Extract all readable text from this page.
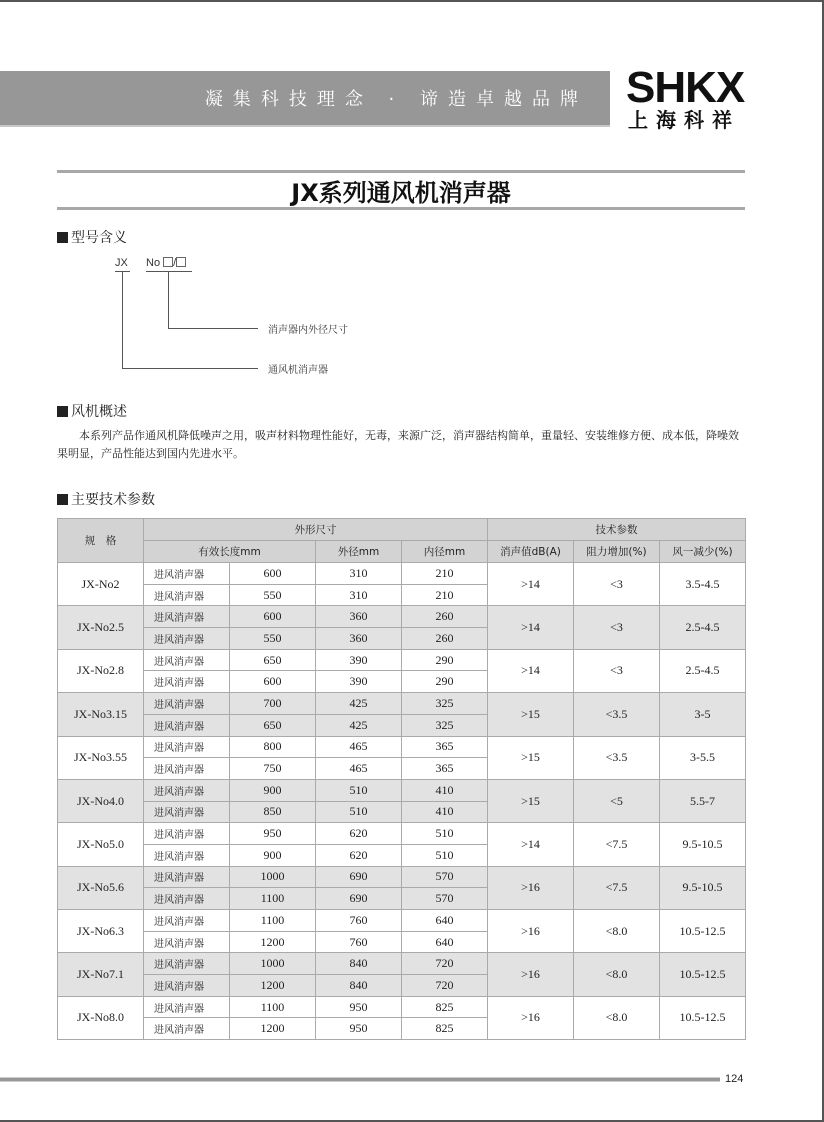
凝集科技理念 · 谛造卓越品牌 SHKX
上海科祥
JX系列通风机消声器
型号含义
JX No /
消声器内外径尺寸
通风机消声器
风机概述
本系列产品作通风机降低噪声之用，吸声材料物理性能好，无毒，来源广泛，消声器结构简单，重量轻、安装维修方便、成本低，降噪效果明显，产品性能达到国内先进水平。
主要技术参数
规　格	外形尺寸				技术参数		
	有效长度mm		外径mm	内径mm	消声值dB(A)	阻力增加(%)	风一减少(%)
JX-No2	进风消声器	600	310	210	>14	<3	3.5-4.5
	进风消声器	550	310	210			
JX-No2.5	进风消声器	600	360	260	>14	<3	2.5-4.5
	进风消声器	550	360	260			
JX-No2.8	进风消声器	650	390	290	>14	<3	2.5-4.5
	进风消声器	600	390	290			
JX-No3.15	进风消声器	700	425	325	>15	<3.5	3-5
	进风消声器	650	425	325			
JX-No3.55	进风消声器	800	465	365	>15	<3.5	3-5.5
	进风消声器	750	465	365			
JX-No4.0	进风消声器	900	510	410	>15	<5	5.5-7
	进风消声器	850	510	410			
JX-No5.0	进风消声器	950	620	510	>14	<7.5	9.5-10.5
	进风消声器	900	620	510			
JX-No5.6	进风消声器	1000	690	570	>16	<7.5	9.5-10.5
	进风消声器	1100	690	570			
JX-No6.3	进风消声器	1100	760	640	>16	<8.0	10.5-12.5
	进风消声器	1200	760	640			
JX-No7.1	进风消声器	1000	840	720	>16	<8.0	10.5-12.5
	进风消声器	1200	840	720			
JX-No8.0	进风消声器	1100	950	825	>16	<8.0	10.5-12.5
	进风消声器	1200	950	825			
124
